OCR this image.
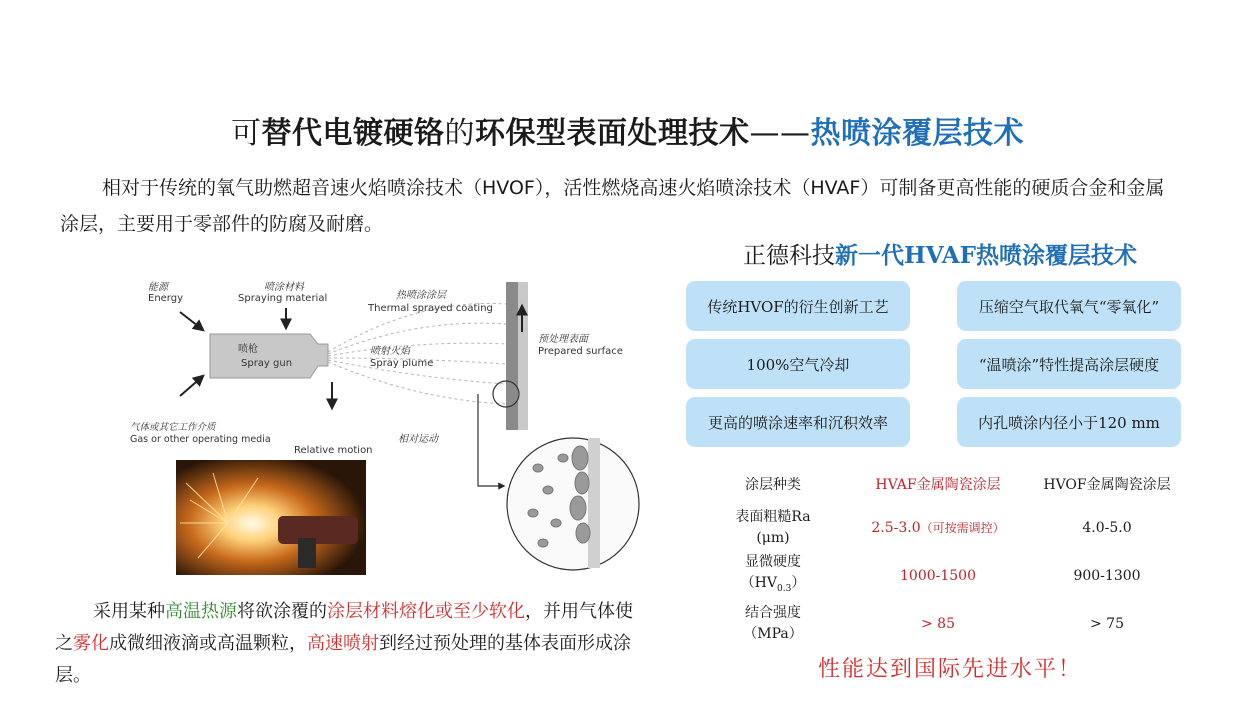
可替代电镀硬铬的环保型表面处理技术——热喷涂覆层技术
相对于传统的氧气助燃超音速火焰喷涂技术（HVOF），活性燃烧高速火焰喷涂技术（HVAF）可制备更高性能的硬质合金和金属涂层，主要用于零部件的防腐及耐磨。
能源
Energy
喷涂材料
Spraying material
喷枪
Spray gun
气体或其它工作介质
Gas or other operating media
Relative motion
相对运动
喷射火焰
Spray plume
热喷涂涂层
Thermal sprayed coating
预处理表面
Prepared surface
采用某种高温热源将欲涂覆的涂层材料熔化或至少软化，并用气体使之雾化成微细液滴或高温颗粒，高速喷射到经过预处理的基体表面形成涂层。
正德科技新一代HVAF热喷涂覆层技术
传统HVOF的衍生创新工艺	压缩空气取代氧气“零氧化”
100%空气冷却	“温喷涂”特性提高涂层硬度
更高的喷涂速率和沉积效率	内孔喷涂内径小于120 mm
涂层种类	HVAF金属陶瓷涂层	HVOF金属陶瓷涂层
表面粗糙Ra
(μm)	2.5-3.0（可按需调控）	4.0-5.0
显微硬度
$(HV_{0.3})$	1000-1500	900-1300
结合强度
（MPa）	> 85	> 75
性能达到国际先进水平！
